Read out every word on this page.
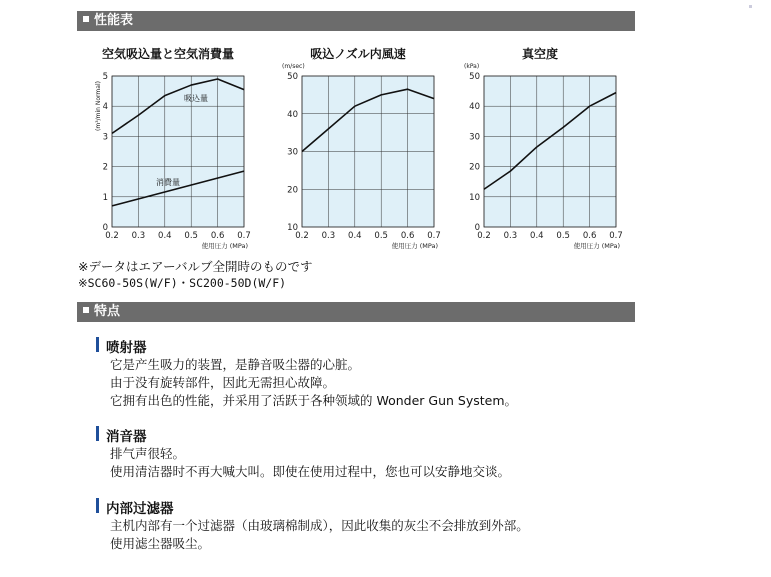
性能表
空気吸込量と空気消費量
0.2 0.3 0.4 0.5 0.6 0.7
0
1
2
3
4
5
(m³/min Normal)
使用圧力 (MPa)
吸込量
消費量
吸込ノズル内風速
0.2 0.3 0.4 0.5 0.6 0.7
10
20
30
40
50
(m/sec)
使用圧力 (MPa)
真空度
0.2 0.3 0.4 0.5 0.6 0.7
0
10
20
30
40
50
(kPa)
使用圧力 (MPa)
※データはエアーバルブ全開時のものです
※SC60-50S(W/F)・SC200-50D(W/F)
特点
喷射器
它是产生吸力的装置，是静音吸尘器的心脏。
由于没有旋转部件，因此无需担心故障。
它拥有出色的性能，并采用了活跃于各种领域的 Wonder Gun System。
消音器
排气声很轻。
使用清洁器时不再大喊大叫。即使在使用过程中，您也可以安静地交谈。
内部过滤器
主机内部有一个过滤器（由玻璃棉制成），因此收集的灰尘不会排放到外部。
使用滤尘器吸尘。
